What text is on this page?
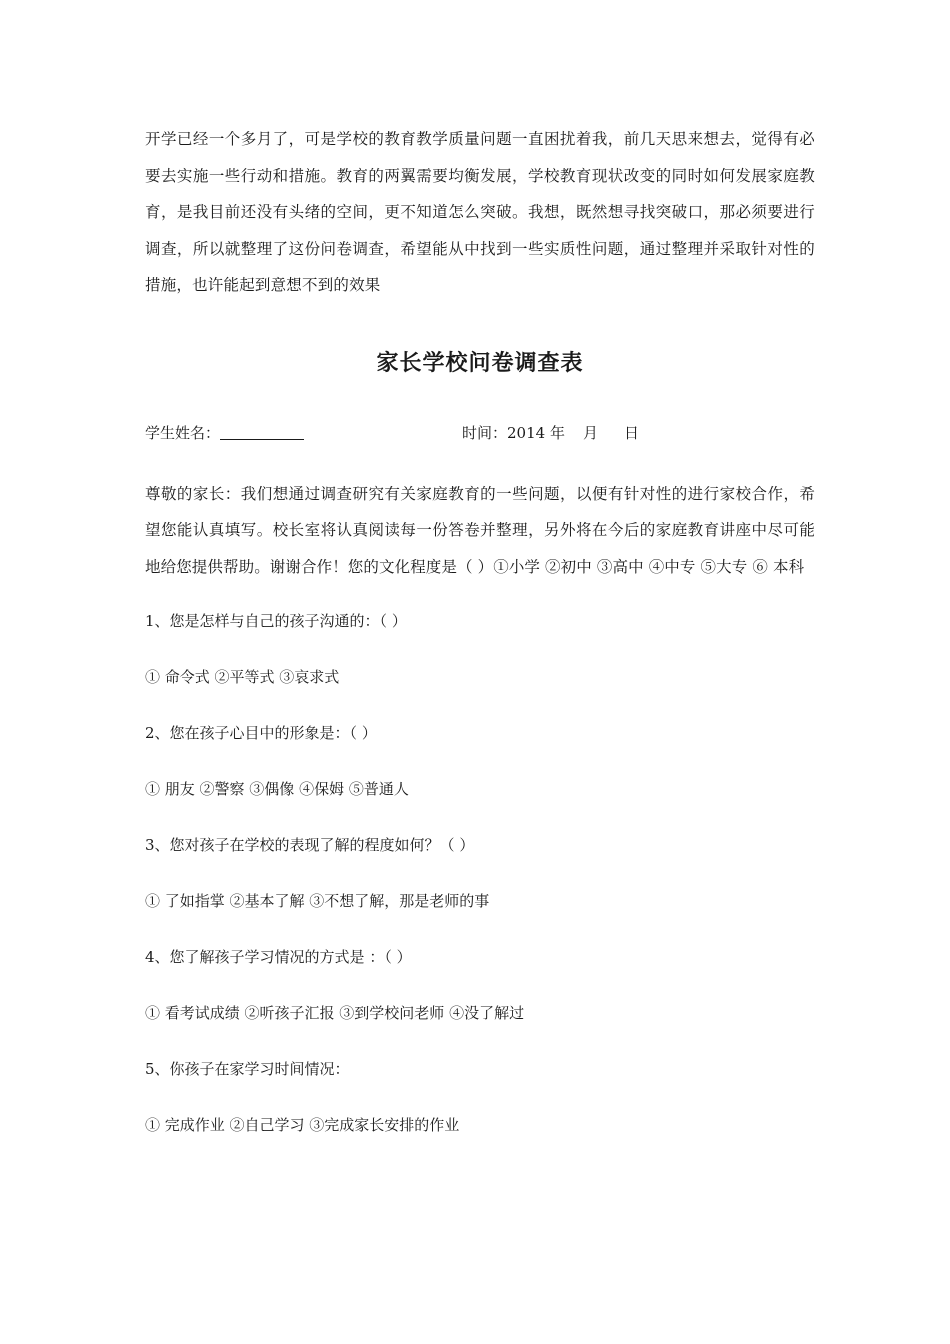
开学已经一个多月了，可是学校的教育教学质量问题一直困扰着我，前几天思来想去，觉得有必要去实施一些行动和措施。教育的两翼需要均衡发展，学校教育现状改变的同时如何发展家庭教育，是我目前还没有头绪的空间，更不知道怎么突破。我想，既然想寻找突破口，那必须要进行调查，所以就整理了这份问卷调查，希望能从中找到一些实质性问题，通过整理并采取针对性的措施，也许能起到意想不到的效果

家长学校问卷调查表
学生姓名：	时间：2014 年 月 日

尊敬的家长：我们想通过调查研究有关家庭教育的一些问题，以便有针对性的进行家校合作，希望您能认真填写。校长室将认真阅读每一份答卷并整理，另外将在今后的家庭教育讲座中尽可能地给您提供帮助。谢谢合作！您的文化程度是（ ）①小学 ②初中 ③高中 ④中专 ⑤大专 ⑥ 本科

1、您是怎样与自己的孩子沟通的：（ ）

① 命令式 ②平等式 ③哀求式

2、您在孩子心目中的形象是：（ ）

① 朋友 ②警察 ③偶像 ④保姆 ⑤普通人

3、您对孩子在学校的表现了解的程度如何？（ ）

① 了如指掌 ②基本了解 ③不想了解，那是老师的事

4、您了解孩子学习情况的方式是 ：（ ）

① 看考试成绩 ②听孩子汇报 ③到学校问老师 ④没了解过

5、你孩子在家学习时间情况：

① 完成作业 ②自己学习 ③完成家长安排的作业
